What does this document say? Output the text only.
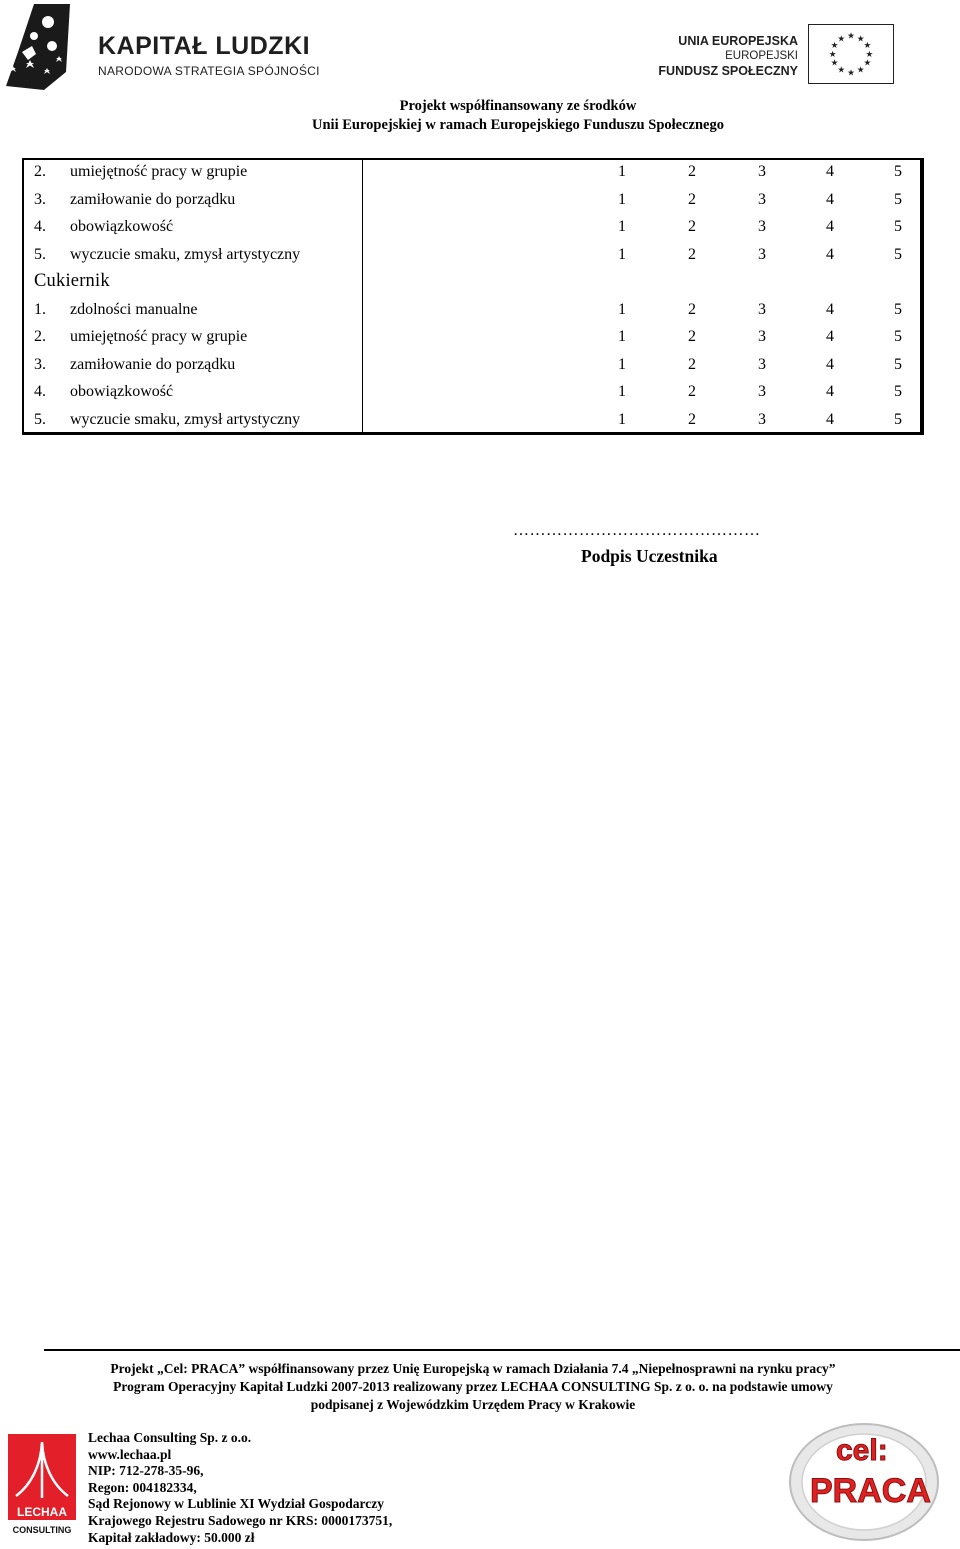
KAPITAŁ LUDZKI
NARODOWA STRATEGIA SPÓJNOŚCI
UNIA EUROPEJSKA
EUROPEJSKI
FUNDUSZ SPOŁECZNY
★ ★
★
★
★
★
★
★
★
★
★
★
Projekt współfinansowany ze środków
Unii Europejskiej w ramach Europejskiego Funduszu Społecznego
2. umiejętność pracy w grupie	1	2	3	4	5
3. zamiłowanie do porządku	1	2	3	4	5
4. obowiązkowość	1	2	3	4	5
5. wyczucie smaku, zmysł artystyczny	1	2	3	4	5
Cukiernik
1. zdolności manualne	1	2	3	4	5
2. umiejętność pracy w grupie	1	2	3	4	5
3. zamiłowanie do porządku	1	2	3	4	5
4. obowiązkowość	1	2	3	4	5
5. wyczucie smaku, zmysł artystyczny	1	2	3	4	5
………………………………………
Podpis Uczestnika
Projekt „Cel: PRACA” współfinansowany przez Unię Europejską w ramach Działania 7.4 „Niepełnosprawni na rynku pracy”
Program Operacyjny Kapitał Ludzki 2007-2013 realizowany przez LECHAA CONSULTING Sp. z o. o. na podstawie umowy
podpisanej z Wojewódzkim Urzędem Pracy w Krakowie
LECHAA
CONSULTING
Lechaa Consulting Sp. z o.o.
www.lechaa.pl
NIP: 712-278-35-96,
Regon: 004182334,
Sąd Rejonowy w Lublinie XI Wydział Gospodarczy
Krajowego Rejestru Sadowego nr KRS: 0000173751,
Kapitał zakładowy: 50.000 zł
cel:
PRACA
